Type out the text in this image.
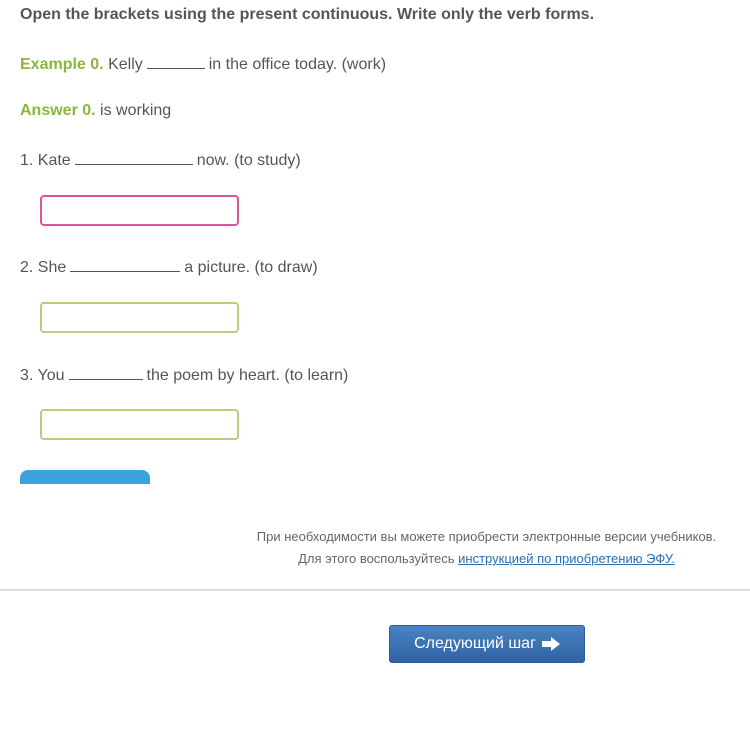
Open the brackets using the present continuous. Write only the verb forms.
Example 0. Kelly	in the office today. (work)
Answer 0. is working
1. Kate	now. (to study)
2. She	a picture. (to draw)
3. You	the poem by heart. (to learn)
При необходимости вы можете приобрести электронные версии учебников.
Для этого воспользуйтесь инструкцией по приобретению ЭФУ.
Следующий шаг
